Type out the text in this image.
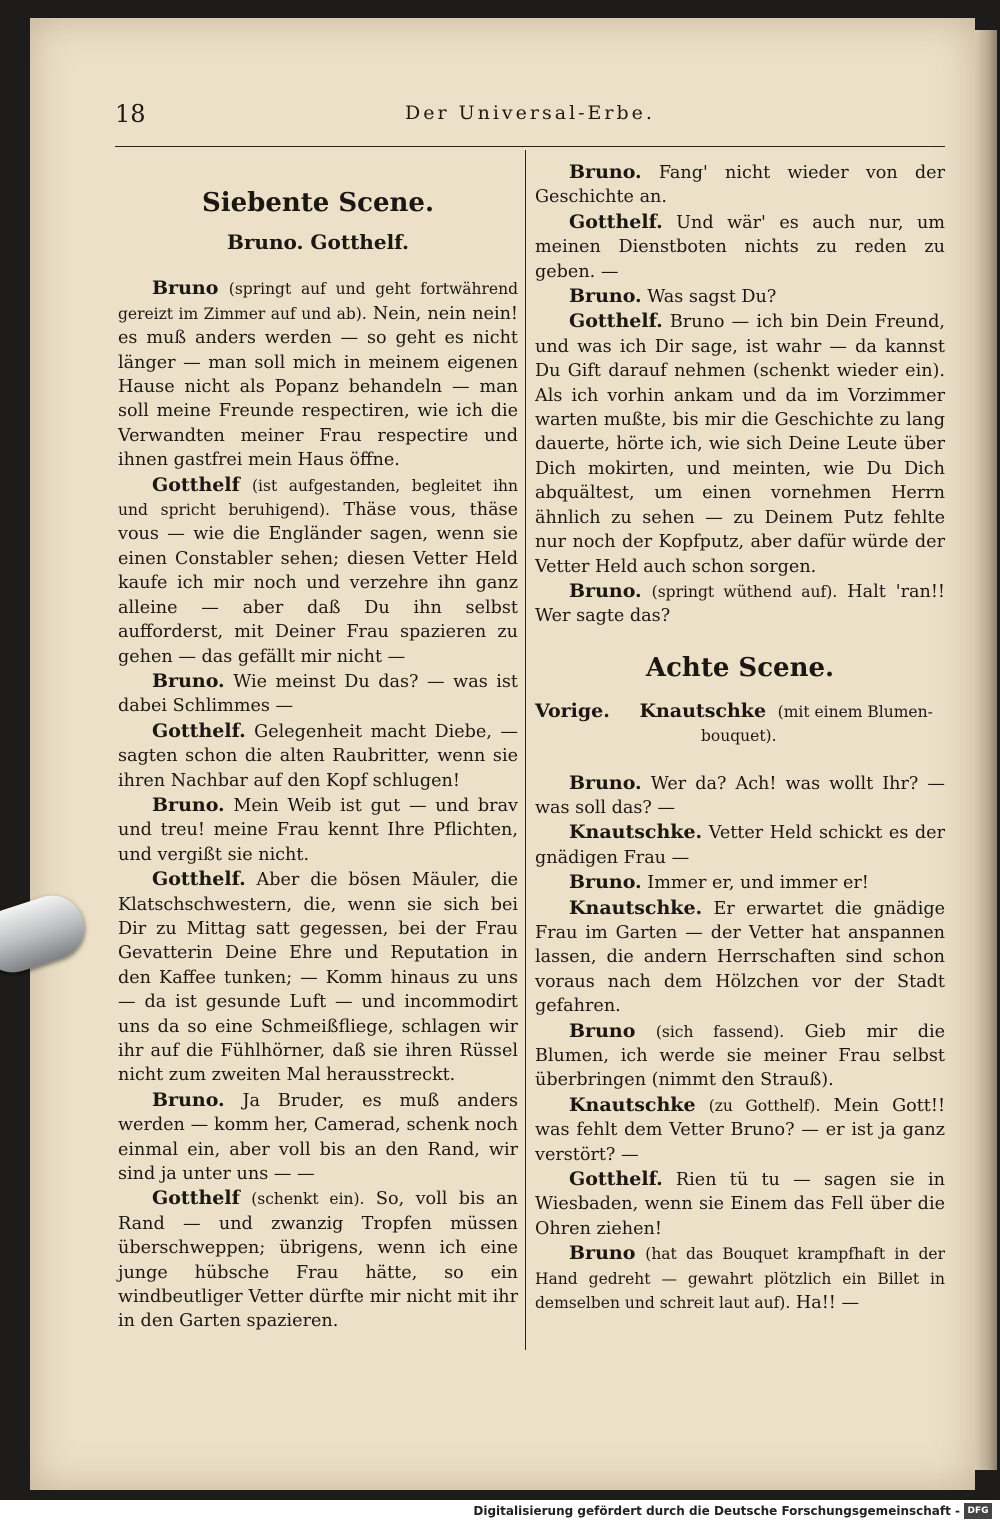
18	Der Universal-Erbe.
Siebente Scene.
Bruno. Gotthelf.

Bruno (springt auf und geht fortwährend gereizt im Zimmer auf und ab). Nein, nein nein! es muß anders werden — so geht es nicht länger — man soll mich in meinem eigenen Hause nicht als Popanz behandeln — man soll meine Freunde respectiren, wie ich die Verwandten meiner Frau respectire und ihnen gastfrei mein Haus öffne.

Gotthelf (ist aufgestanden, begleitet ihn und spricht beruhigend). Thäse vous, thäse vous — wie die Engländer sagen, wenn sie einen Constabler sehen; diesen Vetter Held kaufe ich mir noch und verzehre ihn ganz alleine — aber daß Du ihn selbst aufforderst, mit Deiner Frau spazieren zu gehen — das gefällt mir nicht —

Bruno. Wie meinst Du das? — was ist dabei Schlimmes —

Gotthelf. Gelegenheit macht Diebe, — sagten schon die alten Raubritter, wenn sie ihren Nachbar auf den Kopf schlugen!

Bruno. Mein Weib ist gut — und brav und treu! meine Frau kennt Ihre Pflichten, und vergißt sie nicht.

Gotthelf. Aber die bösen Mäuler, die Klatschschwestern, die, wenn sie sich bei Dir zu Mittag satt gegessen, bei der Frau Gevatterin Deine Ehre und Reputation in den Kaffee tunken; — Komm hinaus zu uns — da ist gesunde Luft — und incommodirt uns da so eine Schmeißfliege, schlagen wir ihr auf die Fühlhörner, daß sie ihren Rüssel nicht zum zweiten Mal herausstreckt.

Bruno. Ja Bruder, es muß anders werden — komm her, Camerad, schenk noch einmal ein, aber voll bis an den Rand, wir sind ja unter uns — —

Gotthelf (schenkt ein). So, voll bis an Rand — und zwanzig Tropfen müssen überschweppen; übrigens, wenn ich eine junge hübsche Frau hätte, so ein windbeutliger Vetter dürfte mir nicht mit ihr in den Garten spazieren.

Bruno. Fang' nicht wieder von der Geschichte an.

Gotthelf. Und wär' es auch nur, um meinen Dienstboten nichts zu reden zu geben. —

Bruno. Was sagst Du?

Gotthelf. Bruno — ich bin Dein Freund, und was ich Dir sage, ist wahr — da kannst Du Gift darauf nehmen (schenkt wieder ein). Als ich vorhin ankam und da im Vorzimmer warten mußte, bis mir die Geschichte zu lang dauerte, hörte ich, wie sich Deine Leute über Dich mokirten, und meinten, wie Du Dich abquältest, um einen vornehmen Herrn ähnlich zu sehen — zu Deinem Putz fehlte nur noch der Kopfputz, aber dafür würde der Vetter Held auch schon sorgen.

Bruno. (springt wüthend auf). Halt 'ran!! Wer sagte das?

Achte Scene.

Vorige. Knautschke (mit einem Blumen-
bouquet).

Bruno. Wer da? Ach! was wollt Ihr? — was soll das? —

Knautschke. Vetter Held schickt es der gnädigen Frau —

Bruno. Immer er, und immer er!

Knautschke. Er erwartet die gnädige Frau im Garten — der Vetter hat anspannen lassen, die andern Herrschaften sind schon voraus nach dem Hölzchen vor der Stadt gefahren.

Bruno (sich fassend). Gieb mir die Blumen, ich werde sie meiner Frau selbst überbringen (nimmt den Strauß).

Knautschke (zu Gotthelf). Mein Gott!! was fehlt dem Vetter Bruno? — er ist ja ganz verstört? —

Gotthelf. Rien tü tu — sagen sie in Wiesbaden, wenn sie Einem das Fell über die Ohren ziehen!

Bruno (hat das Bouquet krampfhaft in der Hand gedreht — gewahrt plötzlich ein Billet in demselben und schreit laut auf). Ha!! —

Digitalisierung gefördert durch die Deutsche Forschungsgemeinschaft - DFG
